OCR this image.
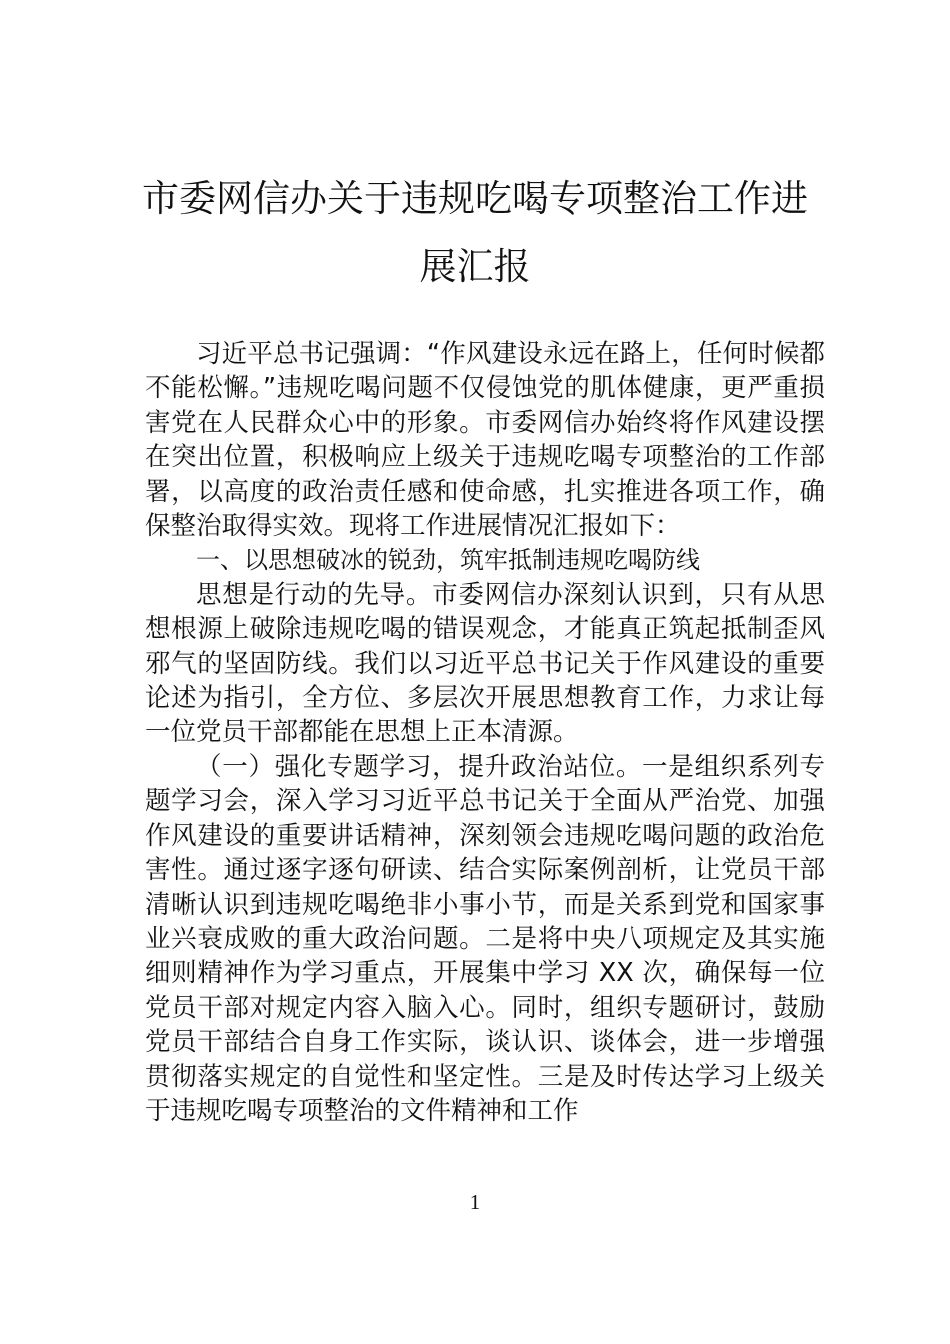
市委网信办关于违规吃喝专项整治工作进
展汇报

习近平总书记强调：“作风建设永远在路上，任何时候都不能松懈。”违规吃喝问题不仅侵蚀党的肌体健康，更严重损害党在人民群众心中的形象。市委网信办始终将作风建设摆在突出位置，积极响应上级关于违规吃喝专项整治的工作部署，以高度的政治责任感和使命感，扎实推进各项工作，确保整治取得实效。现将工作进展情况汇报如下：

一、以思想破冰的锐劲，筑牢抵制违规吃喝防线

思想是行动的先导。市委网信办深刻认识到，只有从思想根源上破除违规吃喝的错误观念，才能真正筑起抵制歪风邪气的坚固防线。我们以习近平总书记关于作风建设的重要论述为指引，全方位、多层次开展思想教育工作，力求让每一位党员干部都能在思想上正本清源。

（一）强化专题学习，提升政治站位。一是组织系列专题学习会，深入学习习近平总书记关于全面从严治党、加强作风建设的重要讲话精神，深刻领会违规吃喝问题的政治危害性。通过逐字逐句研读、结合实际案例剖析，让党员干部清晰认识到违规吃喝绝非小事小节，而是关系到党和国家事业兴衰成败的重大政治问题。二是将中央八项规定及其实施细则精神作为学习重点，开展集中学习 XX 次，确保每一位党员干部对规定内容入脑入心。同时，组织专题研讨，鼓励党员干部结合自身工作实际，谈认识、谈体会，进一步增强贯彻落实规定的自觉性和坚定性。三是及时传达学习上级关于违规吃喝专项整治的文件精神和工作

1
